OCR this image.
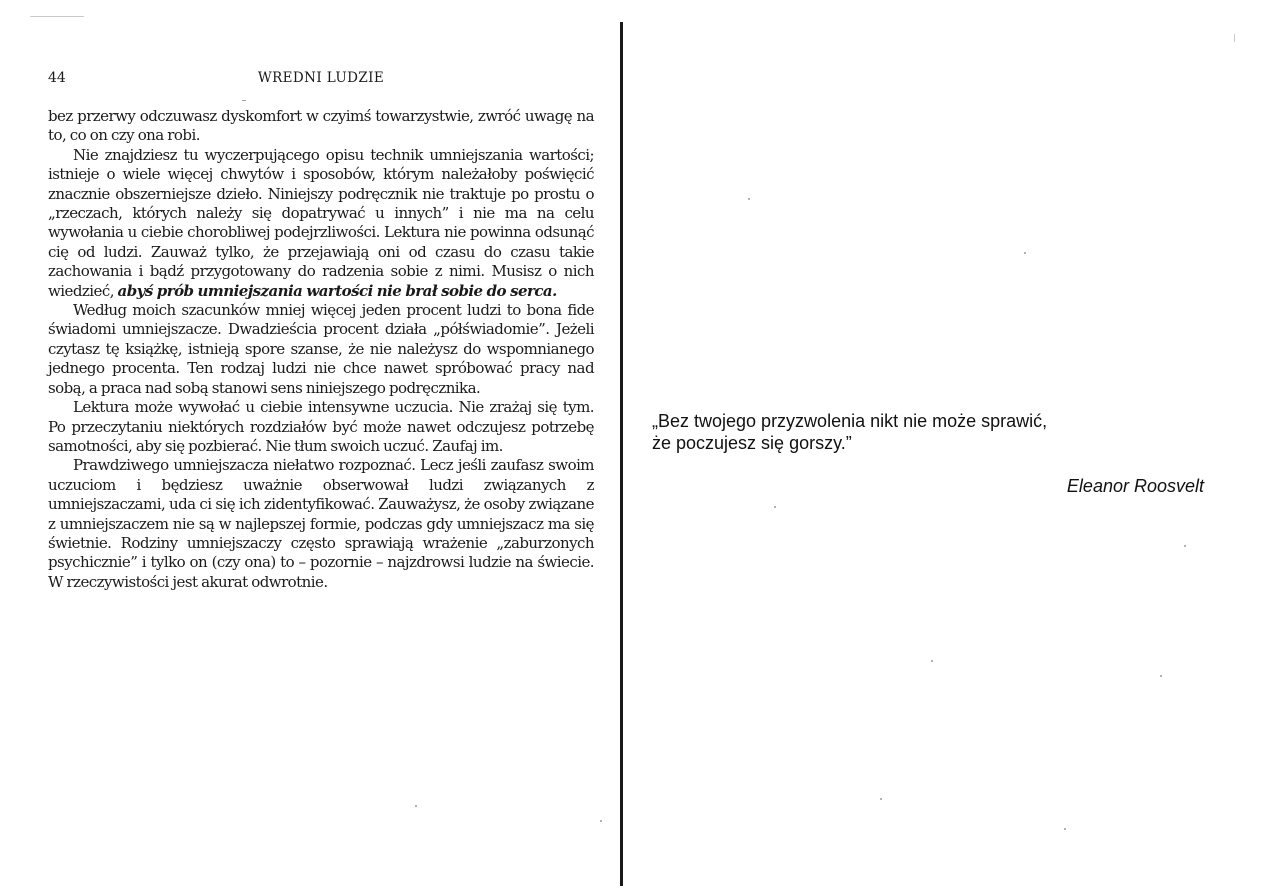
44	WREDNI LUDZIE

bez przerwy odczuwasz dyskomfort w czyimś towarzystwie, zwróć uwagę na to, co on czy ona robi.

Nie znajdziesz tu wyczerpującego opisu technik umniejszania wartości; istnieje o wiele więcej chwytów i sposobów, którym należałoby poświęcić znacznie obszerniejsze dzieło. Niniejszy podręcznik nie traktuje po prostu o „rzeczach, których należy się dopatrywać u innych” i nie ma na celu wywołania u ciebie chorobliwej podejrzliwości. Lektura nie powinna odsunąć cię od ludzi. Zauważ tylko, że przejawiają oni od czasu do czasu takie zachowania i bądź przygotowany do radzenia sobie z nimi. Musisz o nich wiedzieć, abyś prób umniejszania wartości nie brał sobie do serca.

Według moich szacunków mniej więcej jeden procent ludzi to bona fide świadomi umniejszacze. Dwadzieścia procent działa „półświadomie”. Jeżeli czytasz tę książkę, istnieją spore szanse, że nie należysz do wspomnianego jednego procenta. Ten rodzaj ludzi nie chce nawet spróbować pracy nad sobą, a praca nad sobą stanowi sens niniejszego podręcznika.

Lektura może wywołać u ciebie intensywne uczucia. Nie zrażaj się tym. Po przeczytaniu niektórych rozdziałów być może nawet odczujesz potrzebę samotności, aby się pozbierać. Nie tłum swoich uczuć. Zaufaj im.

Prawdziwego umniejszacza niełatwo rozpoznać. Lecz jeśli zaufasz swoim uczuciom i będziesz uważnie obserwował ludzi związanych z umniejszaczami, uda ci się ich zidentyfikować. Zauważysz, że osoby związane z umniejszaczem nie są w najlepszej formie, podczas gdy umniejszacz ma się świetnie. Rodziny umniejszaczy często sprawiają wrażenie „zaburzonych psychicznie” i tylko on (czy ona) to – pozornie – najzdrowsi ludzie na świecie. W rzeczywistości jest akurat odwrotnie.

„Bez twojego przyzwolenia nikt nie może sprawić,

że poczujesz się gorszy.”

Eleanor Roosvelt
